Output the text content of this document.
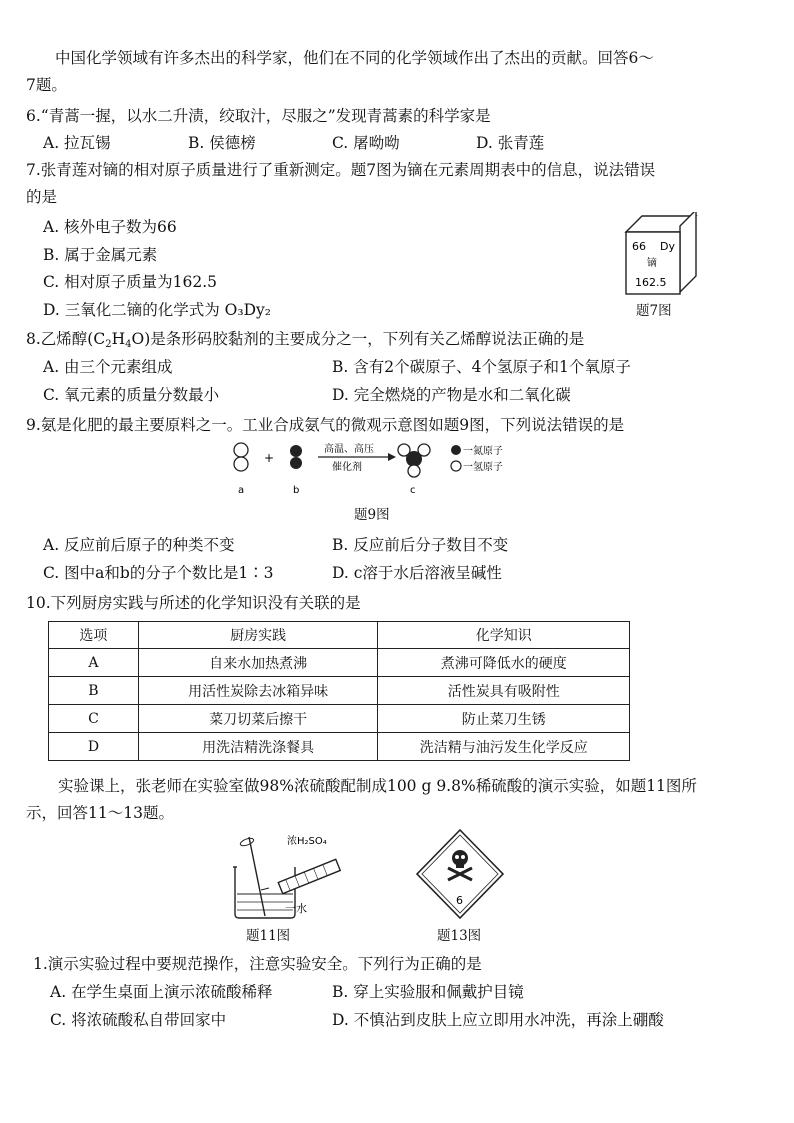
中国化学领域有许多杰出的科学家，他们在不同的化学领域作出了杰出的贡献。回答6～
7题。
6.“青蒿一握，以水二升渍，绞取汁，尽服之”发现青蒿素的科学家是
A. 拉瓦锡	B. 侯德榜	C. 屠呦呦	D. 张青莲
7.张青莲对镝的相对原子质量进行了重新测定。题7图为镝在元素周期表中的信息，说法错误
的是
A. 核外电子数为66
B. 属于金属元素
C. 相对原子质量为162.5
D. 三氧化二镝的化学式为 O₃Dy₂
66 Dy
镝
162.5
题7图
8.乙烯醇$(C_2H_4O)$是条形码胶黏剂的主要成分之一，下列有关乙烯醇说法正确的是
A. 由三个元素组成	B. 含有2个碳原子、4个氢原子和1个氧原子
C. 氧元素的质量分数最小	D. 完全燃烧的产物是水和二氧化碳
9.氨是化肥的最主要原料之一。工业合成氨气的微观示意图如题9图，下列说法错误的是
a
+
b
高温、高压
催化剂
c
一氮原子
一氢原子
题9图
A. 反应前后原子的种类不变	B. 反应前后分子数目不变
C. 图中a和b的分子个数比是1∶3	D. c溶于水后溶液呈碱性
10.下列厨房实践与所述的化学知识没有关联的是
选项	厨房实践	化学知识
A	自来水加热煮沸	煮沸可降低水的硬度
B	用活性炭除去冰箱异味	活性炭具有吸附性
C	菜刀切菜后擦干	防止菜刀生锈
D	用洗洁精洗涤餐具	洗洁精与油污发生化学反应
实验课上，张老师在实验室做98%浓硫酸配制成100 g 9.8%稀硫酸的演示实验，如题11图所
示，回答11～13题。
浓H₂SO₄
一水
题11图
6
题13图
1.演示实验过程中要规范操作，注意实验安全。下列行为正确的是
A. 在学生桌面上演示浓硫酸稀释	B. 穿上实验服和佩戴护目镜
C. 将浓硫酸私自带回家中	D. 不慎沾到皮肤上应立即用水冲洗，再涂上硼酸
